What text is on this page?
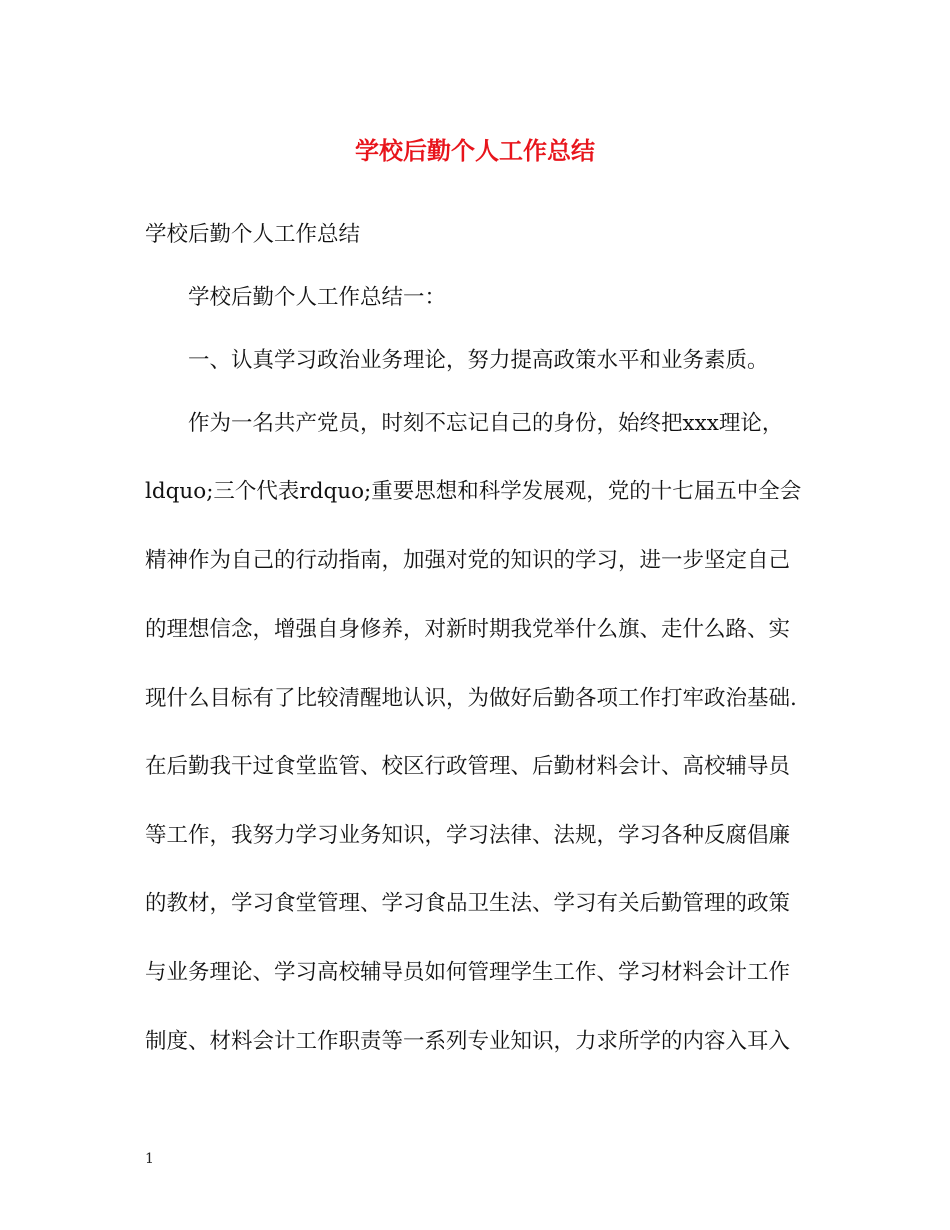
学校后勤个人工作总结
学校后勤个人工作总结
学校后勤个人工作总结一：
一、认真学习政治业务理论，努力提高政策水平和业务素质。
作为一名共产党员，时刻不忘记自己的身份，始终把xxx理论，
ldquo;三个代表rdquo;重要思想和科学发展观，党的十七届五中全会
精神作为自己的行动指南，加强对党的知识的学习，进一步坚定自己
的理想信念，增强自身修养，对新时期我党举什么旗、走什么路、实
现什么目标有了比较清醒地认识，为做好后勤各项工作打牢政治基础.
在后勤我干过食堂监管、校区行政管理、后勤材料会计、高校辅导员
等工作，我努力学习业务知识，学习法律、法规，学习各种反腐倡廉
的教材，学习食堂管理、学习食品卫生法、学习有关后勤管理的政策
与业务理论、学习高校辅导员如何管理学生工作、学习材料会计工作
制度、材料会计工作职责等一系列专业知识，力求所学的内容入耳入
1
